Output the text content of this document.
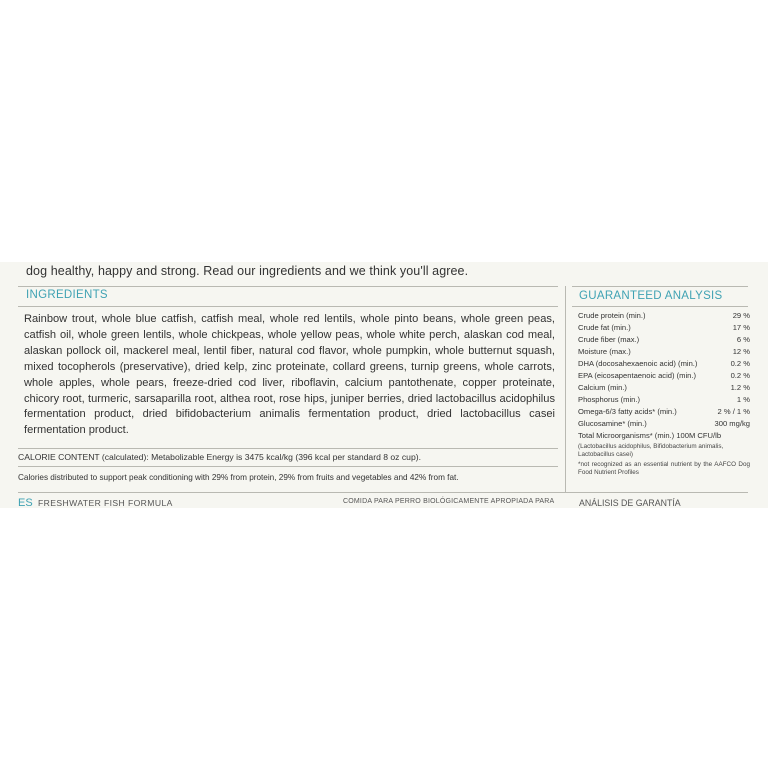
dog healthy, happy and strong. Read our ingredients and we think you'll agree.
INGREDIENTS
Rainbow trout, whole blue catfish, catfish meal, whole red lentils, whole pinto beans, whole green peas, catfish oil, whole green lentils, whole chickpeas, whole yellow peas, whole white perch, alaskan cod meal, alaskan pollock oil, mackerel meal, lentil fiber, natural cod flavor, whole pumpkin, whole butternut squash, mixed tocopherols (preservative), dried kelp, zinc proteinate, collard greens, turnip greens, whole carrots, whole apples, whole pears, freeze-dried cod liver, riboflavin, calcium pantothenate, copper proteinate, chicory root, turmeric, sarsaparilla root, althea root, rose hips, juniper berries, dried lactobacillus acidophilus fermentation product, dried bifidobacterium animalis fermentation product, dried lactobacillus casei fermentation product.
CALORIE CONTENT (calculated): Metabolizable Energy is 3475 kcal/kg (396 kcal per standard 8 oz cup).
Calories distributed to support peak conditioning with 29% from protein, 29% from fruits and vegetables and 42% from fat.
GUARANTEED ANALYSIS
Crude protein (min.)	29 %
Crude fat (min.)	17 %
Crude fiber (max.)	6 %
Moisture (max.)	12 %
DHA (docosahexaenoic acid) (min.)	0.2 %
EPA (eicosapentaenoic acid) (min.)	0.2 %
Calcium (min.)	1.2 %
Phosphorus (min.)	1 %
Omega-6/3 fatty acids* (min.)	2 % / 1 %
Glucosamine* (min.)	300 mg/kg
Total Microorganisms* (min.) 100M CFU/lb
(Lactobacillus acidophilus, Bifidobacterium animalis, Lactobacillus casei)
*not recognized as an essential nutrient by the AAFCO Dog Food Nutrient Profiles
ES FRESHWATER FISH FORMULA	COMIDA PARA PERRO BIOLÓGICAMENTE APROPIADA PARA	ANÁLISIS DE GARANTÍA
